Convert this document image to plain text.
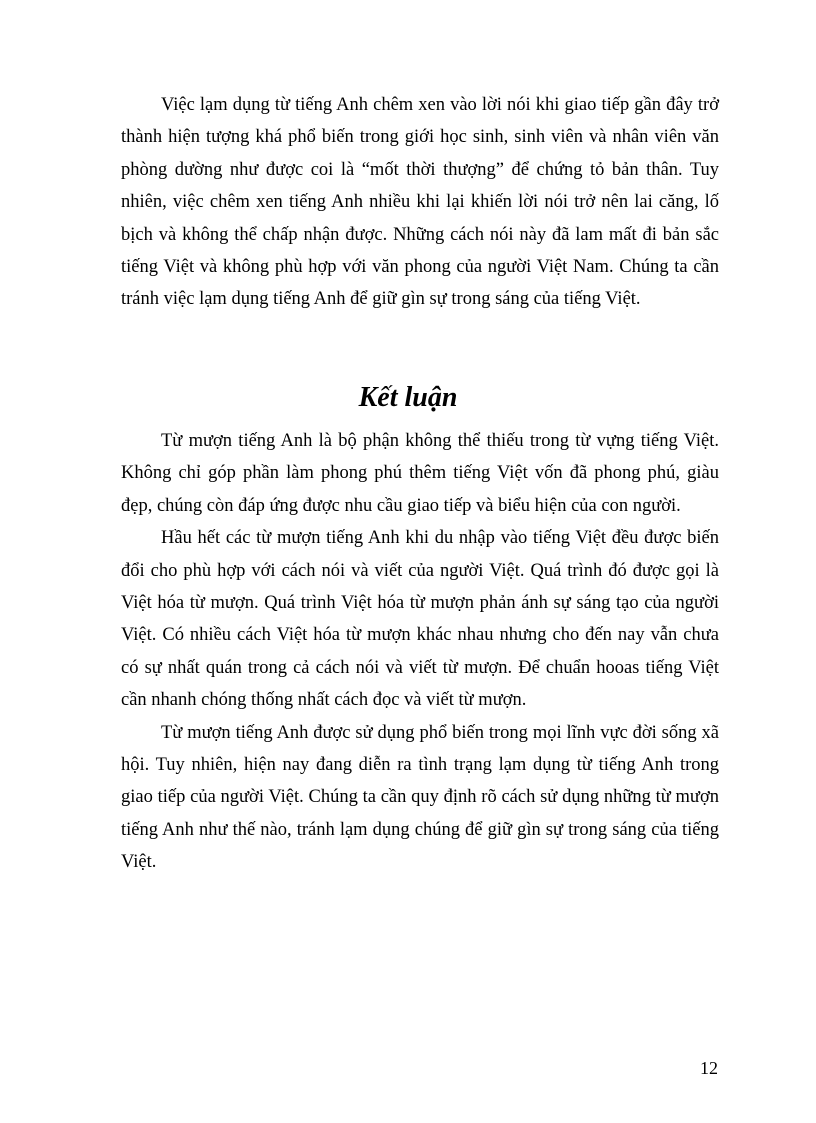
Việc lạm dụng từ tiếng Anh chêm xen vào lời nói khi giao tiếp gần đây trở thành hiện tượng khá phổ biến trong giới học sinh, sinh viên và nhân viên văn phòng dường như được coi là “mốt thời thượng” để chứng tỏ bản thân. Tuy nhiên, việc chêm xen tiếng Anh nhiều khi lại khiến lời nói trở nên lai căng, lố bịch và không thể chấp nhận được. Những cách nói này đã lam mất đi bản sắc tiếng Việt và không phù hợp với văn phong của người Việt Nam. Chúng ta cần tránh việc lạm dụng tiếng Anh để giữ gìn sự trong sáng của tiếng Việt.

Kết luận

Từ mượn tiếng Anh là bộ phận không thể thiếu trong từ vựng tiếng Việt. Không chỉ góp phần làm phong phú thêm tiếng Việt vốn đã phong phú, giàu đẹp, chúng còn đáp ứng được nhu cầu giao tiếp và biểu hiện của con người.

Hầu hết các từ mượn tiếng Anh khi du nhập vào tiếng Việt đều được biến đổi cho phù hợp với cách nói và viết của người Việt. Quá trình đó được gọi là Việt hóa từ mượn. Quá trình Việt hóa từ mượn phản ánh sự sáng tạo của người Việt. Có nhiều cách Việt hóa từ mượn khác nhau nhưng cho đến nay vẫn chưa có sự nhất quán trong cả cách nói và viết từ mượn. Để chuẩn hooas tiếng Việt cần nhanh chóng thống nhất cách đọc và viết từ mượn.

Từ mượn tiếng Anh được sử dụng phổ biến trong mọi lĩnh vực đời sống xã hội. Tuy nhiên, hiện nay đang diễn ra tình trạng lạm dụng từ tiếng Anh trong giao tiếp của người Việt. Chúng ta cần quy định rõ cách sử dụng những từ mượn tiếng Anh như thế nào, tránh lạm dụng chúng để giữ gìn sự trong sáng của tiếng Việt.

12
